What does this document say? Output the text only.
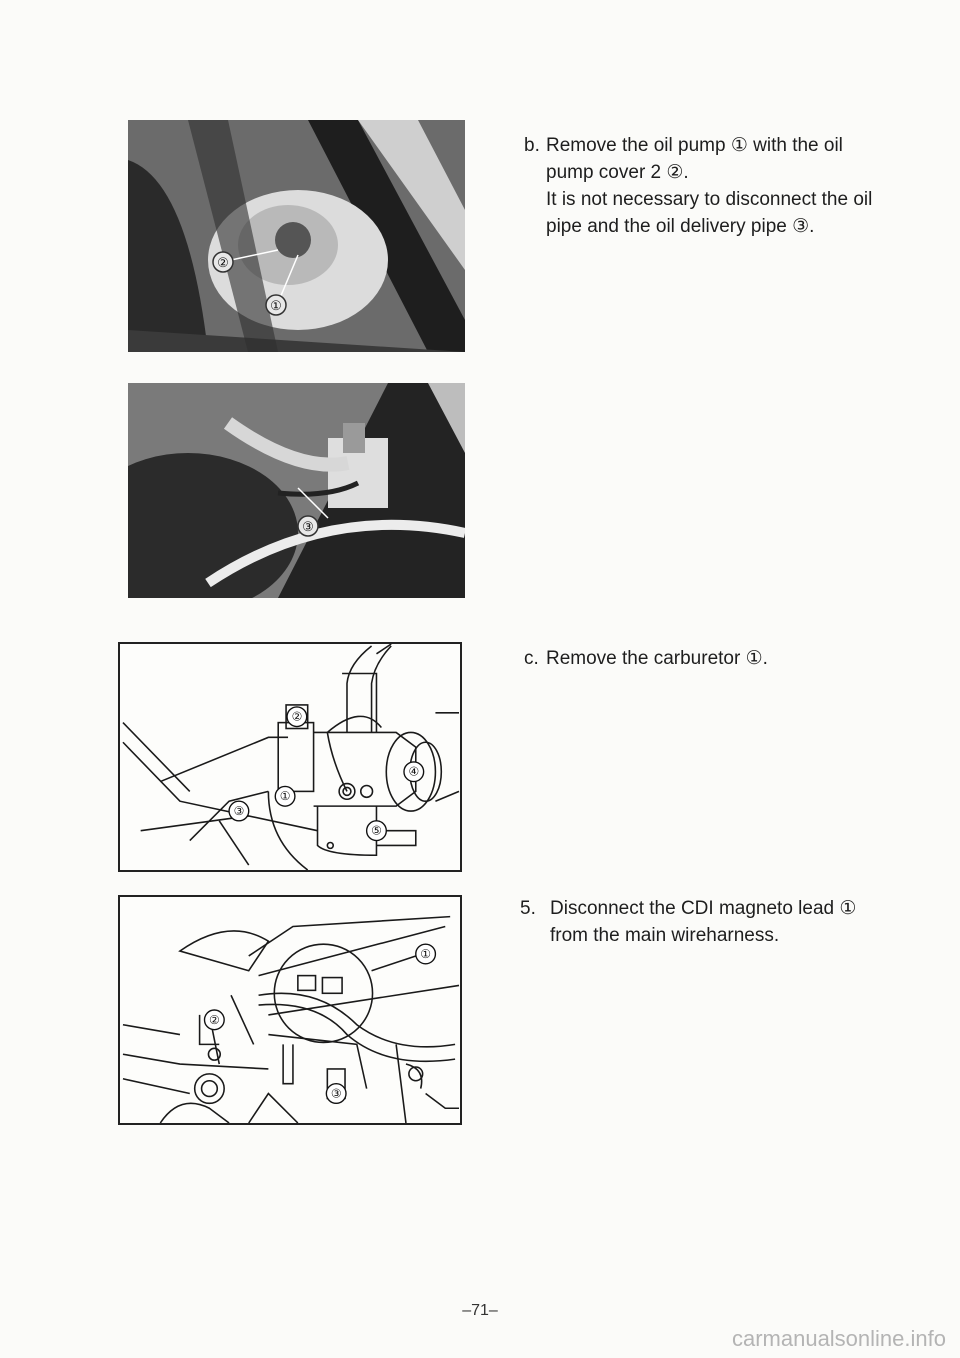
②
①
③
②
①
③
④
⑤
①
②
③

b. Remove the oil pump ① with the oil

pump cover 2 ②.

It is not necessary to disconnect the oil

pipe and the oil delivery pipe ③.

c. Remove the carburetor ①.

5. Disconnect the CDI magneto lead ①

from the main wireharness.

–71–
carmanualsonline.info
